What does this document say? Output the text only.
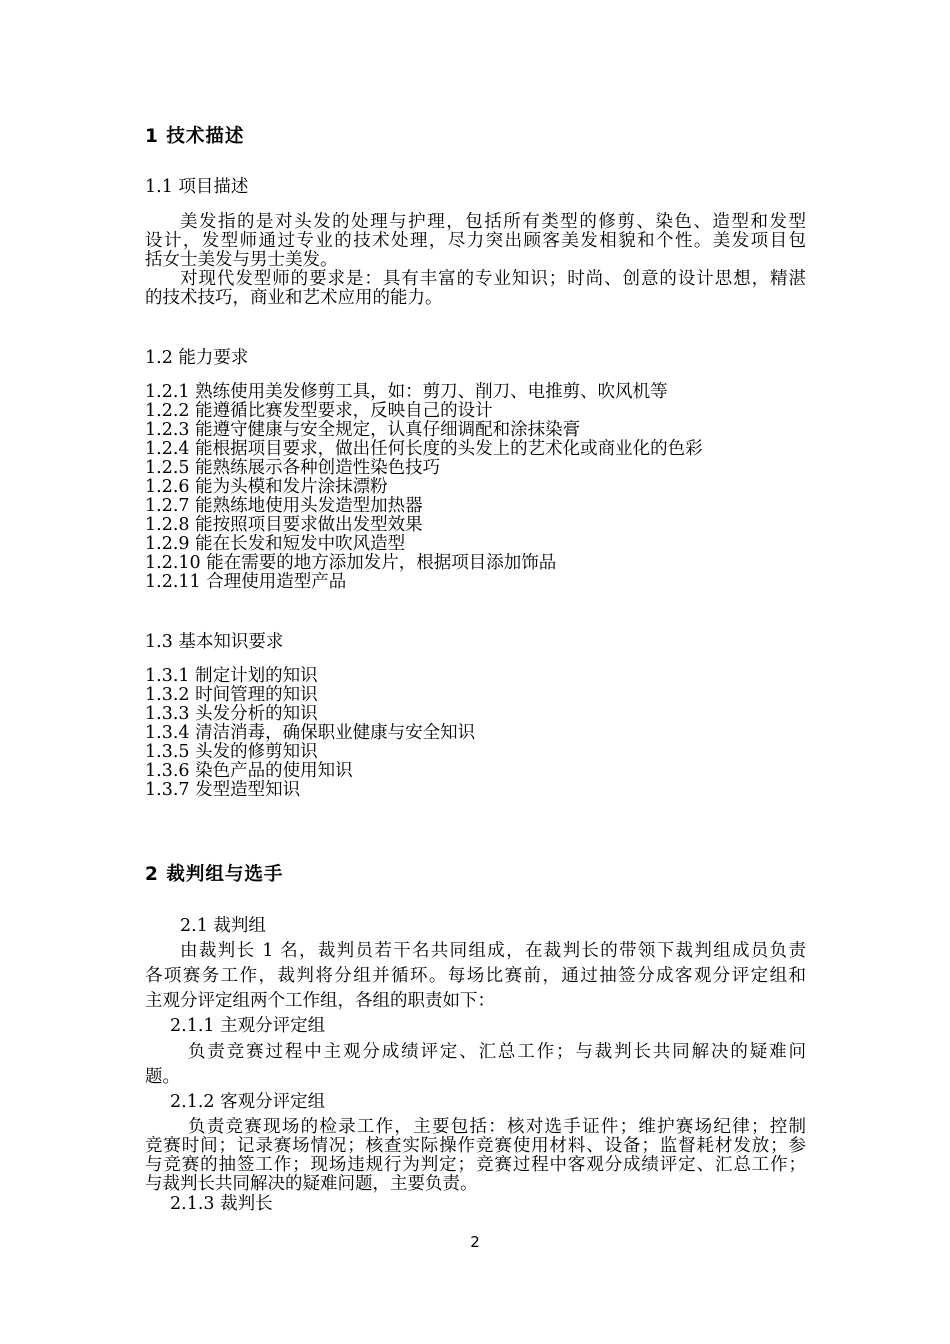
1 技术描述
1.1 项目描述
美发指的是对头发的处理与护理，包括所有类型的修剪、染色、造型和发型
设计，发型师通过专业的技术处理，尽力突出顾客美发相貌和个性。美发项目包
括女士美发与男士美发。
对现代发型师的要求是：具有丰富的专业知识；时尚、创意的设计思想，精湛
的技术技巧，商业和艺术应用的能力。
1.2 能力要求
1.2.1 熟练使用美发修剪工具，如：剪刀、削刀、电推剪、吹风机等
1.2.2 能遵循比赛发型要求，反映自己的设计
1.2.3 能遵守健康与安全规定，认真仔细调配和涂抹染膏
1.2.4 能根据项目要求，做出任何长度的头发上的艺术化或商业化的色彩
1.2.5 能熟练展示各种创造性染色技巧
1.2.6 能为头模和发片涂抹漂粉
1.2.7 能熟练地使用头发造型加热器
1.2.8 能按照项目要求做出发型效果
1.2.9 能在长发和短发中吹风造型
1.2.10 能在需要的地方添加发片，根据项目添加饰品
1.2.11 合理使用造型产品
1.3 基本知识要求
1.3.1 制定计划的知识
1.3.2 时间管理的知识
1.3.3 头发分析的知识
1.3.4 清洁消毒，确保职业健康与安全知识
1.3.5 头发的修剪知识
1.3.6 染色产品的使用知识
1.3.7 发型造型知识
2 裁判组与选手
2.1 裁判组
由裁判长 1 名，裁判员若干名共同组成，在裁判长的带领下裁判组成员负责
各项赛务工作，裁判将分组并循环。每场比赛前，通过抽签分成客观分评定组和
主观分评定组两个工作组，各组的职责如下：
2.1.1 主观分评定组
负责竞赛过程中主观分成绩评定、汇总工作；与裁判长共同解决的疑难问
题。
2.1.2 客观分评定组
负责竞赛现场的检录工作，主要包括：核对选手证件；维护赛场纪律；控制
竞赛时间；记录赛场情况；核查实际操作竞赛使用材料、设备；监督耗材发放；参
与竞赛的抽签工作；现场违规行为判定；竞赛过程中客观分成绩评定、汇总工作；
与裁判长共同解决的疑难问题，主要负责。
2.1.3 裁判长
2
